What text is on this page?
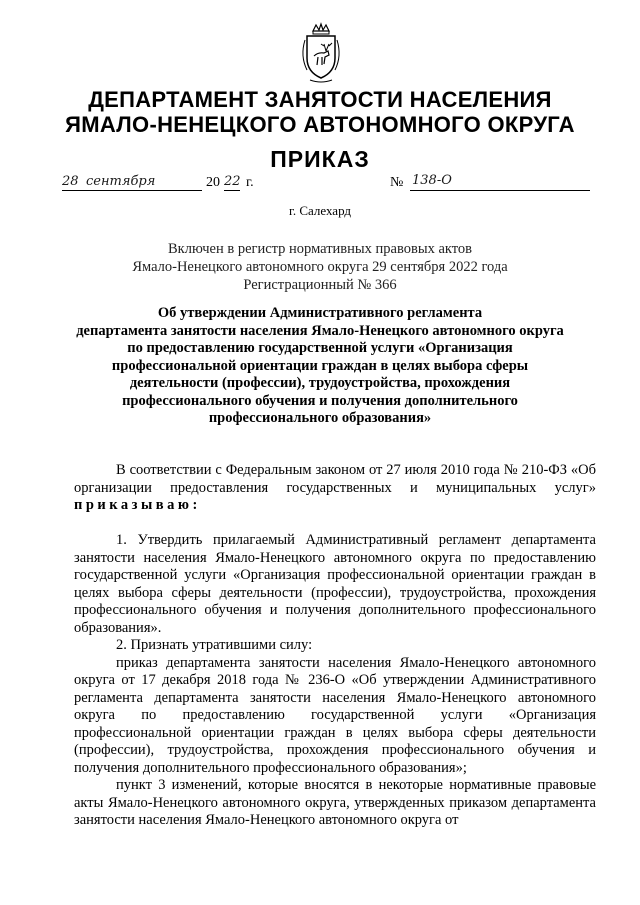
ДЕПАРТАМЕНТ ЗАНЯТОСТИ НАСЕЛЕНИЯ
ЯМАЛО-НЕНЕЦКОГО АВТОНОМНОГО ОКРУГА
ПРИКАЗ
28 сентября	20 22 г.	№ 138-О
г. Салехард
Включен в регистр нормативных правовых актов
Ямало-Ненецкого автономного округа 29 сентября 2022 года
Регистрационный № 366
Об утверждении Административного регламента
департамента занятости населения Ямало-Ненецкого автономного округа
по предоставлению государственной услуги «Организация
профессиональной ориентации граждан в целях выбора сферы
деятельности (профессии), трудоустройства, прохождения
профессионального обучения и получения дополнительного
профессионального образования»
В соответствии с Федеральным законом от 27 июля 2010 года № 210-ФЗ «Об организации предоставления государственных и муниципальных услуг» приказываю:

1. Утвердить прилагаемый Административный регламент департамента занятости населения Ямало-Ненецкого автономного округа по предоставлению государственной услуги «Организация профессиональной ориентации граждан в целях выбора сферы деятельности (профессии), трудоустройства, прохождения профессионального обучения и получения дополнительного профессионального образования».

2. Признать утратившими силу:

приказ департамента занятости населения Ямало-Ненецкого автономного округа от 17 декабря 2018 года № 236-О «Об утверждении Административного регламента департамента занятости населения Ямало-Ненецкого автономного округа по предоставлению государственной услуги «Организация профессиональной ориентации граждан в целях выбора сферы деятельности (профессии), трудоустройства, прохождения профессионального обучения и получения дополнительного профессионального образования»;

пункт 3 изменений, которые вносятся в некоторые нормативные правовые акты Ямало-Ненецкого автономного округа, утвержденных приказом департамента занятости населения Ямало-Ненецкого автономного округа от
